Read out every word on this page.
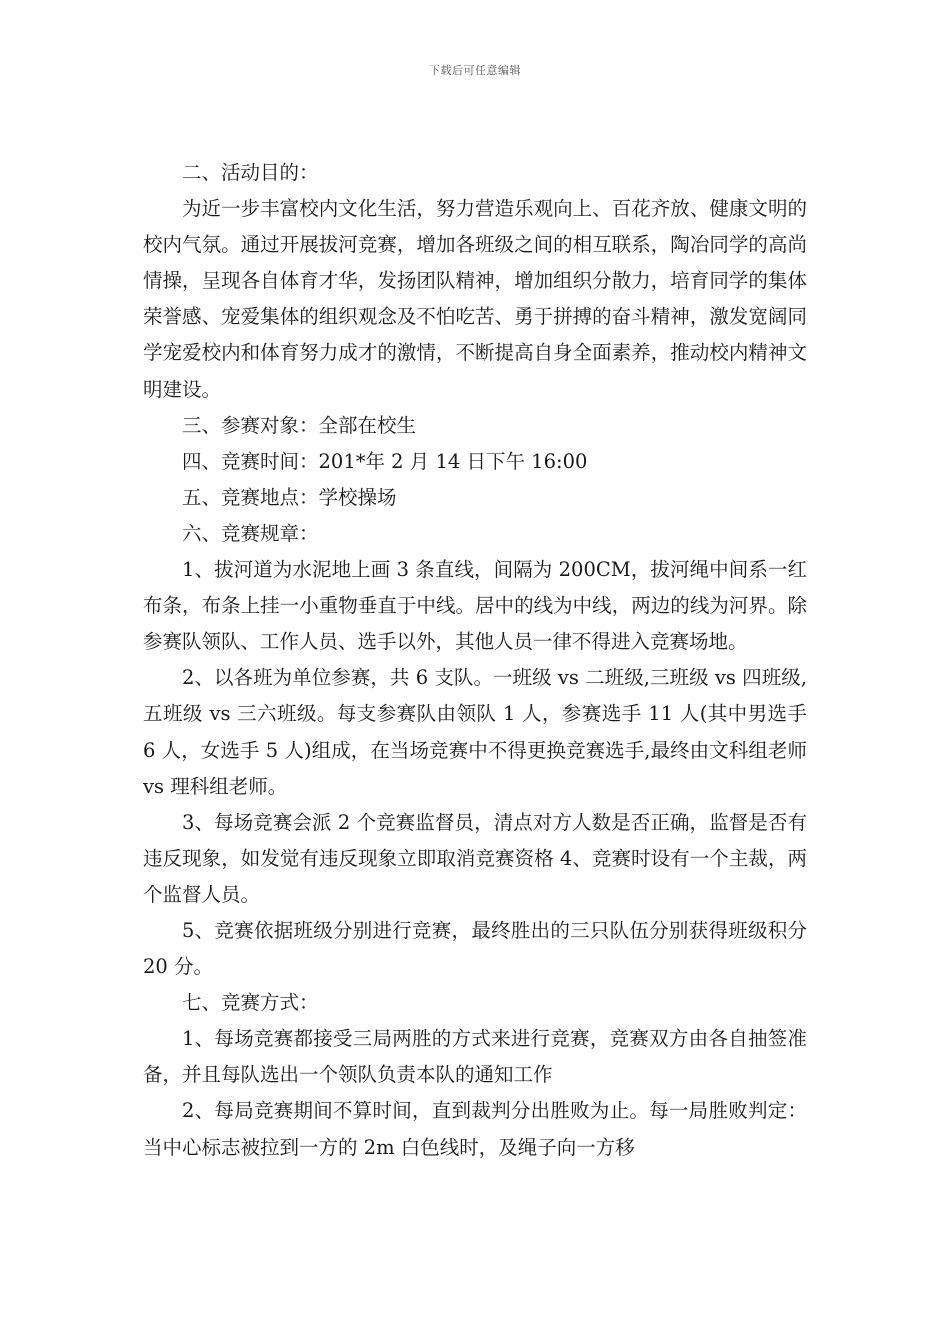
下载后可任意编辑

二、活动目的：

为近一步丰富校内文化生活，努力营造乐观向上、百花齐放、健康文明的校内气氛。通过开展拔河竞赛，增加各班级之间的相互联系，陶冶同学的高尚情操，呈现各自体育才华，发扬团队精神，增加组织分散力，培育同学的集体荣誉感、宠爱集体的组织观念及不怕吃苦、勇于拼搏的奋斗精神，激发宽阔同学宠爱校内和体育努力成才的激情，不断提高自身全面素养，推动校内精神文明建设。

三、参赛对象：全部在校生

四、竞赛时间：201*年 2 月 14 日下午 16:00

五、竞赛地点：学校操场

六、竞赛规章：

1、拔河道为水泥地上画 3 条直线，间隔为 200CM，拔河绳中间系一红布条，布条上挂一小重物垂直于中线。居中的线为中线，两边的线为河界。除参赛队领队、工作人员、选手以外，其他人员一律不得进入竞赛场地。

2、以各班为单位参赛，共 6 支队。一班级 vs 二班级,三班级 vs 四班级,五班级 vs 三六班级。每支参赛队由领队 1 人，参赛选手 11 人(其中男选手 6 人，女选手 5 人)组成，在当场竞赛中不得更换竞赛选手,最终由文科组老师 vs 理科组老师。

3、每场竞赛会派 2 个竞赛监督员，清点对方人数是否正确，监督是否有违反现象，如发觉有违反现象立即取消竞赛资格 4、竞赛时设有一个主裁，两个监督人员。

5、竞赛依据班级分别进行竞赛，最终胜出的三只队伍分别获得班级积分 20 分。

七、竞赛方式：

1、每场竞赛都接受三局两胜的方式来进行竞赛，竞赛双方由各自抽签准备，并且每队选出一个领队负责本队的通知工作

2、每局竞赛期间不算时间，直到裁判分出胜败为止。每一局胜败判定：当中心标志被拉到一方的 2m 白色线时，及绳子向一方移
